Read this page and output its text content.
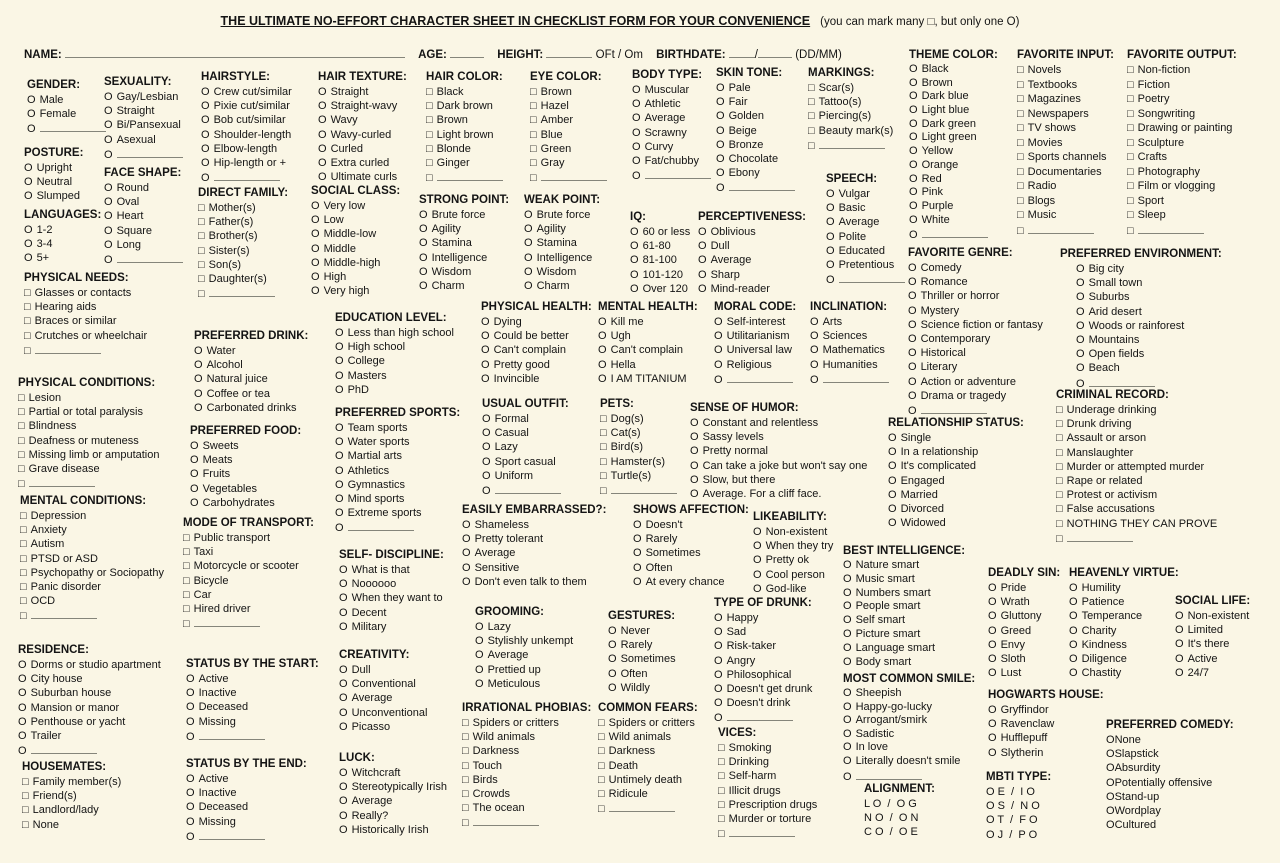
THE ULTIMATE NO-EFFORT CHARACTER SHEET IN CHECKLIST FORM FOR YOUR CONVENIENCE (you can mark many □, but only one O)
NAME:	AGE:	HEIGHT:	OFt / Om BIRTHDATE:	/	(DD/MM)
GENDER:
O Male
O Female
O
SEXUALITY:
O Gay/Lesbian
O Straight
O Bi/Pansexual
O Asexual
O
POSTURE:
O Upright
O Neutral
O Slumped
FACE SHAPE:
O Round
O Oval
O Heart
O Square
O Long
O
LANGUAGES:
O 1-2
O 3-4
O 5+
PHYSICAL NEEDS:
□ Glasses or contacts
□ Hearing aids
□ Braces or similar
□ Crutches or wheelchair
□
PHYSICAL CONDITIONS:
□ Lesion
□ Partial or total paralysis
□ Blindness
□ Deafness or muteness
□ Missing limb or amputation
□ Grave disease
□
MENTAL CONDITIONS:
□ Depression
□ Anxiety
□ Autism
□ PTSD or ASD
□ Psychopathy or Sociopathy
□ Panic disorder
□ OCD
□
RESIDENCE:
O Dorms or studio apartment
O City house
O Suburban house
O Mansion or manor
O Penthouse or yacht
O Trailer
O
HOUSEMATES:
□ Family member(s)
□ Friend(s)
□ Landlord/lady
□ None
HAIRSTYLE:
O Crew cut/similar
O Pixie cut/similar
O Bob cut/similar
O Shoulder-length
O Elbow-length
O Hip-length or +
O
DIRECT FAMILY:
□ Mother(s)
□ Father(s)
□ Brother(s)
□ Sister(s)
□ Son(s)
□ Daughter(s)
□
PREFERRED DRINK:
O Water
O Alcohol
O Natural juice
O Coffee or tea
O Carbonated drinks
PREFERRED FOOD:
O Sweets
O Meats
O Fruits
O Vegetables
O Carbohydrates
MODE OF TRANSPORT:
□ Public transport
□ Taxi
□ Motorcycle or scooter
□ Bicycle
□ Car
□ Hired driver
□
STATUS BY THE START:
O Active
O Inactive
O Deceased
O Missing
O
STATUS BY THE END:
O Active
O Inactive
O Deceased
O Missing
O
HAIR TEXTURE:
O Straight
O Straight-wavy
O Wavy
O Wavy-curled
O Curled
O Extra curled
O Ultimate curls
SOCIAL CLASS:
O Very low
O Low
O Middle-low
O Middle
O Middle-high
O High
O Very high
EDUCATION LEVEL:
O Less than high school
O High school
O College
O Masters
O PhD
PREFERRED SPORTS:
O Team sports
O Water sports
O Martial arts
O Athletics
O Gymnastics
O Mind sports
O Extreme sports
O
SELF- DISCIPLINE:
O What is that
O Noooooo
O When they want to
O Decent
O Military
CREATIVITY:
O Dull
O Conventional
O Average
O Unconventional
O Picasso
LUCK:
O Witchcraft
O Stereotypically Irish
O Average
O Really?
O Historically Irish
HAIR COLOR:
□ Black
□ Dark brown
□ Brown
□ Light brown
□ Blonde
□ Ginger
□
STRONG POINT:
O Brute force
O Agility
O Stamina
O Intelligence
O Wisdom
O Charm
PHYSICAL HEALTH:
O Dying
O Could be better
O Can't complain
O Pretty good
O Invincible
USUAL OUTFIT:
O Formal
O Casual
O Lazy
O Sport casual
O Uniform
O
EASILY EMBARRASSED?:
O Shameless
O Pretty tolerant
O Average
O Sensitive
O Don't even talk to them
GROOMING:
O Lazy
O Stylishly unkempt
O Average
O Prettied up
O Meticulous
IRRATIONAL PHOBIAS:
□ Spiders or critters
□ Wild animals
□ Darkness
□ Touch
□ Birds
□ Crowds
□ The ocean
□
EYE COLOR:
□ Brown
□ Hazel
□ Amber
□ Blue
□ Green
□ Gray
□
WEAK POINT:
O Brute force
O Agility
O Stamina
O Intelligence
O Wisdom
O Charm
MENTAL HEALTH:
O Kill me
O Ugh
O Can't complain
O Hella
O I AM TITANIUM
PETS:
□ Dog(s)
□ Cat(s)
□ Bird(s)
□ Hamster(s)
□ Turtle(s)
□
SHOWS AFFECTION:
O Doesn't
O Rarely
O Sometimes
O Often
O At every chance
GESTURES:
O Never
O Rarely
O Sometimes
O Often
O Wildly
COMMON FEARS:
□ Spiders or critters
□ Wild animals
□ Darkness
□ Death
□ Untimely death
□ Ridicule
□
BODY TYPE:
O Muscular
O Athletic
O Average
O Scrawny
O Curvy
O Fat/chubby
O
IQ:
O 60 or less
O 61-80
O 81-100
O 101-120
O Over 120
MORAL CODE:
O Self-interest
O Utilitarianism
O Universal law
O Religious
O
SENSE OF HUMOR:
O Constant and relentless
O Sassy levels
O Pretty normal
O Can take a joke but won't say one
O Slow, but there
O Average. For a cliff face.
TYPE OF DRUNK:
O Happy
O Sad
O Risk-taker
O Angry
O Philosophical
O Doesn't get drunk
O Doesn't drink
O
VICES:
□ Smoking
□ Drinking
□ Self-harm
□ Illicit drugs
□ Prescription drugs
□ Murder or torture
□
SKIN TONE:
O Pale
O Fair
O Golden
O Beige
O Bronze
O Chocolate
O Ebony
O
PERCEPTIVENESS:
O Oblivious
O Dull
O Average
O Sharp
O Mind-reader
INCLINATION:
O Arts
O Sciences
O Mathematics
O Humanities
O
LIKEABILITY:
O Non-existent
O When they try
O Pretty ok
O Cool person
O God-like
MARKINGS:
□ Scar(s)
□ Tattoo(s)
□ Piercing(s)
□ Beauty mark(s)
□
SPEECH:
O Vulgar
O Basic
O Average
O Polite
O Educated
O Pretentious
O
RELATIONSHIP STATUS:
O Single
O In a relationship
O It's complicated
O Engaged
O Married
O Divorced
O Widowed
BEST INTELLIGENCE:
O Nature smart
O Music smart
O Numbers smart
O People smart
O Self smart
O Picture smart
O Language smart
O Body smart
MOST COMMON SMILE:
O Sheepish
O Happy-go-lucky
O Arrogant/smirk
O Sadistic
O In love
O Literally doesn't smile
O
ALIGNMENT:
L O  /  O G
N O  /  O N
C O  /  O E
THEME COLOR:
O Black
O Brown
O Dark blue
O Light blue
O Dark green
O Light green
O Yellow
O Orange
O Red
O Pink
O Purple
O White
O
FAVORITE GENRE:
O Comedy
O Romance
O Thriller or horror
O Mystery
O Science fiction or fantasy
O Contemporary
O Historical
O Literary
O Action or adventure
O Drama or tragedy
O
DEADLY SIN:
O Pride
O Wrath
O Gluttony
O Greed
O Envy
O Sloth
O Lust
HOGWARTS HOUSE:
O Gryffindor
O Ravenclaw
O Hufflepuff
O Slytherin
MBTI TYPE:
O E  /  I O
O S  /  N O
O T  /  F O
O J  /  P O
FAVORITE INPUT:
□ Novels
□ Textbooks
□ Magazines
□ Newspapers
□ TV shows
□ Movies
□ Sports channels
□ Documentaries
□ Radio
□ Blogs
□ Music
□
PREFERRED ENVIRONMENT:
O Big city
O Small town
O Suburbs
O Arid desert
O Woods or rainforest
O Mountains
O Open fields
O Beach
O
HEAVENLY VIRTUE:
O Humility
O Patience
O Temperance
O Charity
O Kindness
O Diligence
O Chastity
PREFERRED COMEDY:
O None
O Slapstick
O Absurdity
O Potentially offensive
O Stand-up
O Wordplay
O Cultured
FAVORITE OUTPUT:
□ Non-fiction
□ Fiction
□ Poetry
□ Songwriting
□ Drawing or painting
□ Sculpture
□ Crafts
□ Photography
□ Film or vlogging
□ Sport
□ Sleep
□
CRIMINAL RECORD:
□ Underage drinking
□ Drunk driving
□ Assault or arson
□ Manslaughter
□ Murder or attempted murder
□ Rape or related
□ Protest or activism
□ False accusations
□ NOTHING THEY CAN PROVE
□
SOCIAL LIFE:
O Non-existent
O Limited
O It's there
O Active
O 24/7
